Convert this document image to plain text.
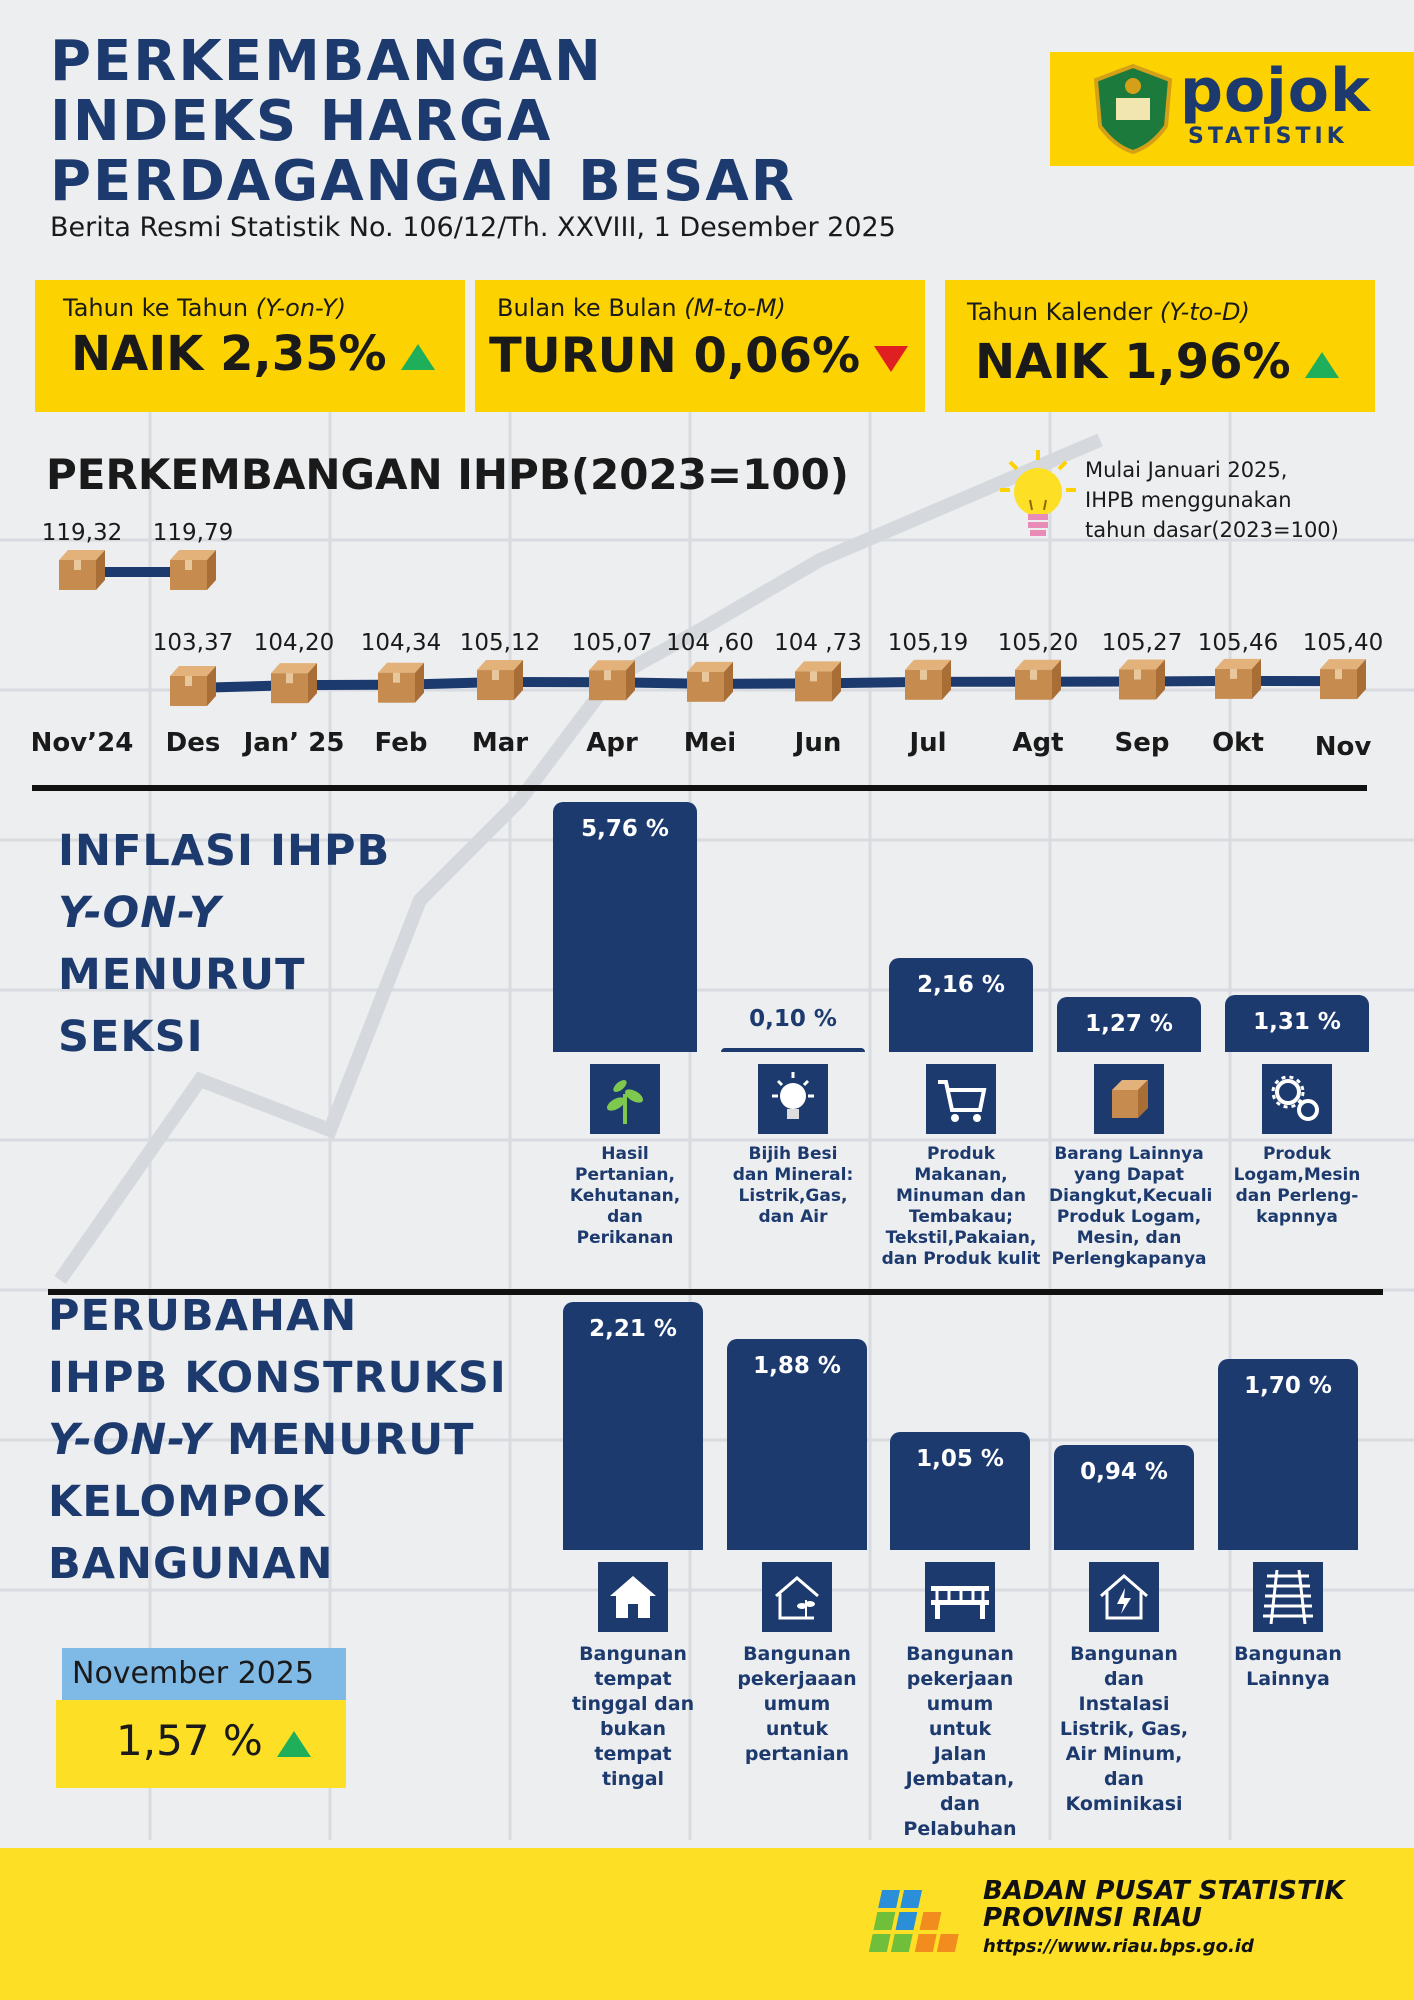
PERKEMBANGAN
INDEKS HARGA
PERDAGANGAN BESAR
Berita Resmi Statistik No. 106/12/Th. XXVIII, 1 Desember 2025
pojok
STATISTIK
Tahun ke Tahun (Y-on-Y)
NAIK 2,35%
Bulan ke Bulan (M-to-M)
TURUN 0,06%
Tahun Kalender (Y-to-D)
NAIK 1,96%
PERKEMBANGAN IHPB(2023=100)	Mulai Januari 2025,
IHPB menggunakan
tahun dasar(2023=100)
119,32 119,79
103,37 104,20 104,34 105,12 105,07 104 ,60 104 ,73 105,19 105,20 105,27 105,46 105,40
Nov’24 Des Jan’ 25 Feb Mar Apr Mei Jun	Jul	Agt Sep Okt Nov
INFLASI IHPB
Y-ON-Y
MENURUT
SEKSI
5,76 %
Hasil
Pertanian,
Kehutanan,
dan
Perikanan
0,10 %
Bijih Besi
dan Mineral:
Listrik,Gas,
dan Air
2,16 %
Produk
Makanan,
Minuman dan
Tembakau;
Tekstil,Pakaian,
dan Produk kulit
1,27 %
Barang Lainnya
yang Dapat
Diangkut,Kecuali
Produk Logam,
Mesin, dan
Perlengkapanya
1,31 %
Produk
Logam,Mesin
dan Perleng-
kapnnya
PERUBAHAN
IHPB KONSTRUKSI
Y-ON-Y MENURUT
KELOMPOK
BANGUNAN
November 2025
1,57 %
2,21 %
Bangunan
tempat
tinggal dan
bukan
tempat
tingal
1,88 %
Bangunan
pekerjaaan
umum
untuk
pertanian
1,05 %
Bangunan
pekerjaan
umum
untuk
Jalan
Jembatan,
dan
Pelabuhan
0,94 %
Bangunan
dan
Instalasi
Listrik, Gas,
Air Minum,
dan
Kominikasi
1,70 %
Bangunan
Lainnya
BADAN PUSAT STATISTIK
PROVINSI RIAU
https://www.riau.bps.go.id
